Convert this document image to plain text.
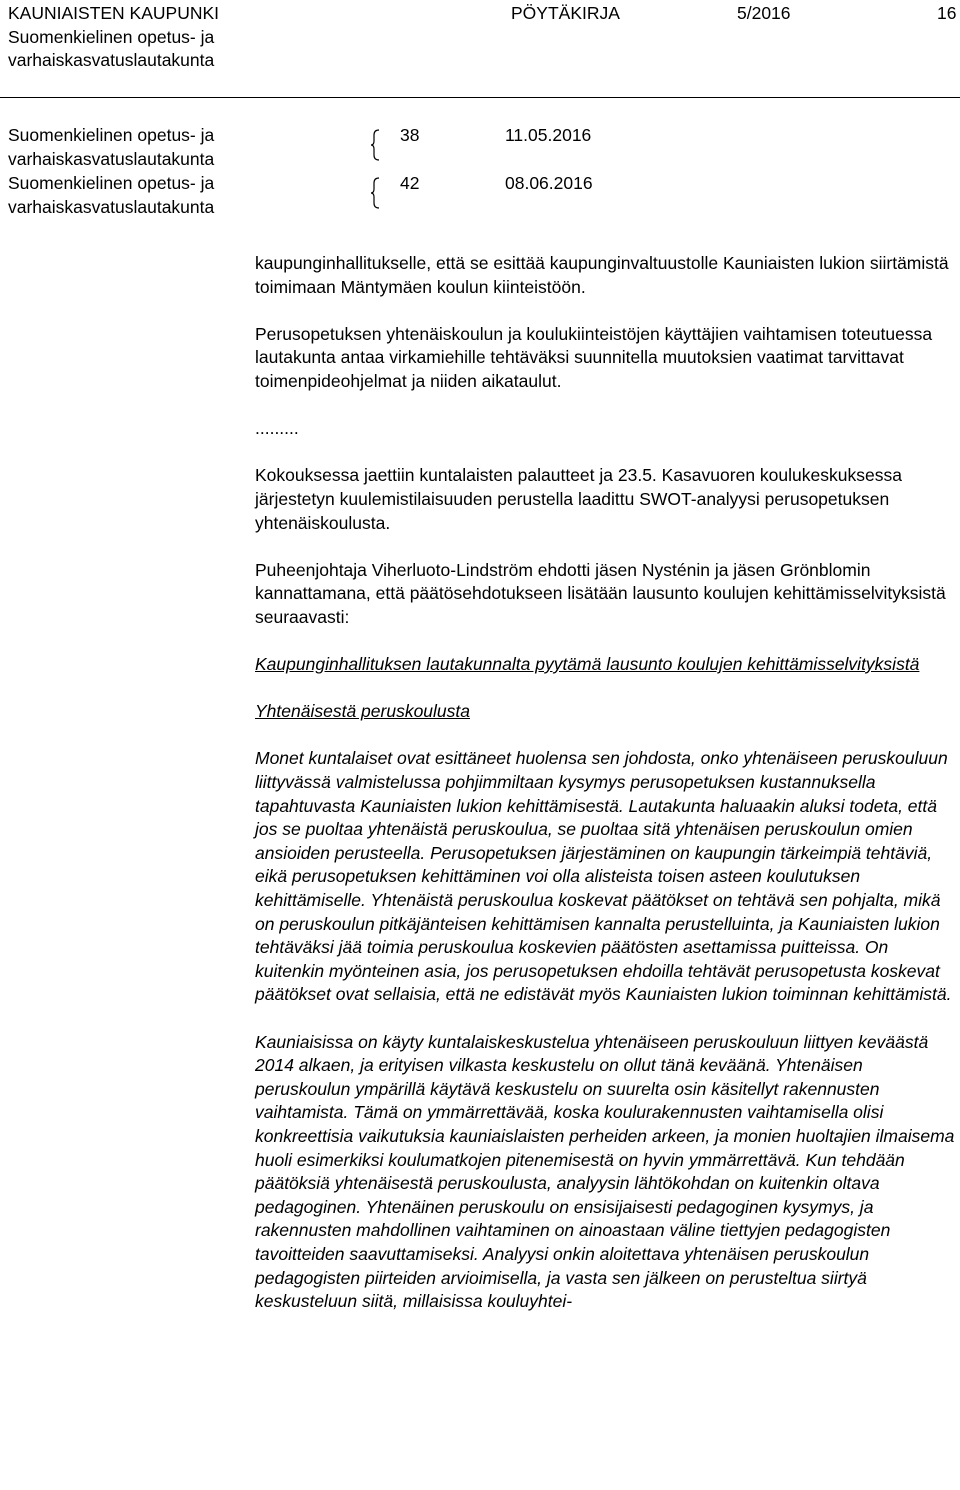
KAUNIAISTEN KAUPUNKI
Suomenkielinen opetus- ja
varhaiskasvatuslautakunta
PÖYTÄKIRJA	5/2016	16
Suomenkielinen opetus- ja
varhaiskasvatuslautakunta
38	11.05.2016
Suomenkielinen opetus- ja
varhaiskasvatuslautakunta
42	08.06.2016

kaupunginhallitukselle, että se esittää kaupunginvaltuustolle Kauniaisten lukion siirtämistä toimimaan Mäntymäen koulun kiinteistöön.

Perusopetuksen yhtenäiskoulun ja koulukiinteistöjen käyttäjien vaihtamisen toteutuessa lautakunta antaa virkamiehille tehtäväksi suunnitella muutoksien vaatimat tarvittavat toimenpideohjelmat ja niiden aikataulut.

.........

Kokouksessa jaettiin kuntalaisten palautteet ja 23.5. Kasavuoren koulukeskuksessa järjestetyn kuulemistilaisuuden perustella laadittu SWOT-analyysi perusopetuksen yhtenäiskoulusta.

Puheenjohtaja Viherluoto-Lindström ehdotti jäsen Nysténin ja jäsen Grönblomin kannattamana, että päätösehdotukseen lisätään lausunto koulujen kehittämisselvityksistä seuraavasti:

Kaupunginhallituksen lautakunnalta pyytämä lausunto koulujen kehittämisselvityksistä

Yhtenäisestä peruskoulusta

Monet kuntalaiset ovat esittäneet huolensa sen johdosta, onko yhtenäiseen peruskouluun liittyvässä valmistelussa pohjimmiltaan kysymys perusopetuksen kustannuksella tapahtuvasta Kauniaisten lukion kehittämisestä. Lautakunta haluaakin aluksi todeta, että jos se puoltaa yhtenäistä peruskoulua, se puoltaa sitä yhtenäisen peruskoulun omien ansioiden perusteella. Perusopetuksen järjestäminen on kaupungin tärkeimpiä tehtäviä, eikä perusopetuksen kehittäminen voi olla alisteista toisen asteen koulutuksen kehittämiselle. Yhtenäistä peruskoulua koskevat päätökset on tehtävä sen pohjalta, mikä on peruskoulun pitkäjänteisen kehittämisen kannalta perustelluinta, ja Kauniaisten lukion tehtäväksi jää toimia peruskoulua koskevien päätösten asettamissa puitteissa. On kuitenkin myönteinen asia, jos perusopetuksen ehdoilla tehtävät perusopetusta koskevat päätökset ovat sellaisia, että ne edistävät myös Kauniaisten lukion toiminnan kehittämistä.

Kauniaisissa on käyty kuntalaiskeskustelua yhtenäiseen peruskouluun liittyen keväästä 2014 alkaen, ja erityisen vilkasta keskustelu on ollut tänä keväänä. Yhtenäisen peruskoulun ympärillä käytävä keskustelu on suurelta osin käsitellyt rakennusten vaihtamista. Tämä on ymmärrettävää, koska koulurakennusten vaihtamisella olisi konkreettisia vaikutuksia kauniaislaisten perheiden arkeen, ja monien huoltajien ilmaisema huoli esimerkiksi koulumatkojen pitenemisestä on hyvin ymmärrettävä. Kun tehdään päätöksiä yhtenäisestä peruskoulusta, analyysin lähtökohdan on kuitenkin oltava pedagoginen. Yhtenäinen peruskoulu on ensisijaisesti pedagoginen kysymys, ja rakennusten mahdollinen vaihtaminen on ainoastaan väline tiettyjen pedagogisten tavoitteiden saavuttamiseksi. Analyysi onkin aloitettava yhtenäisen peruskoulun pedagogisten piirteiden arvioimisella, ja vasta sen jälkeen on perusteltua siirtyä keskusteluun siitä, millaisissa kouluyhtei-
